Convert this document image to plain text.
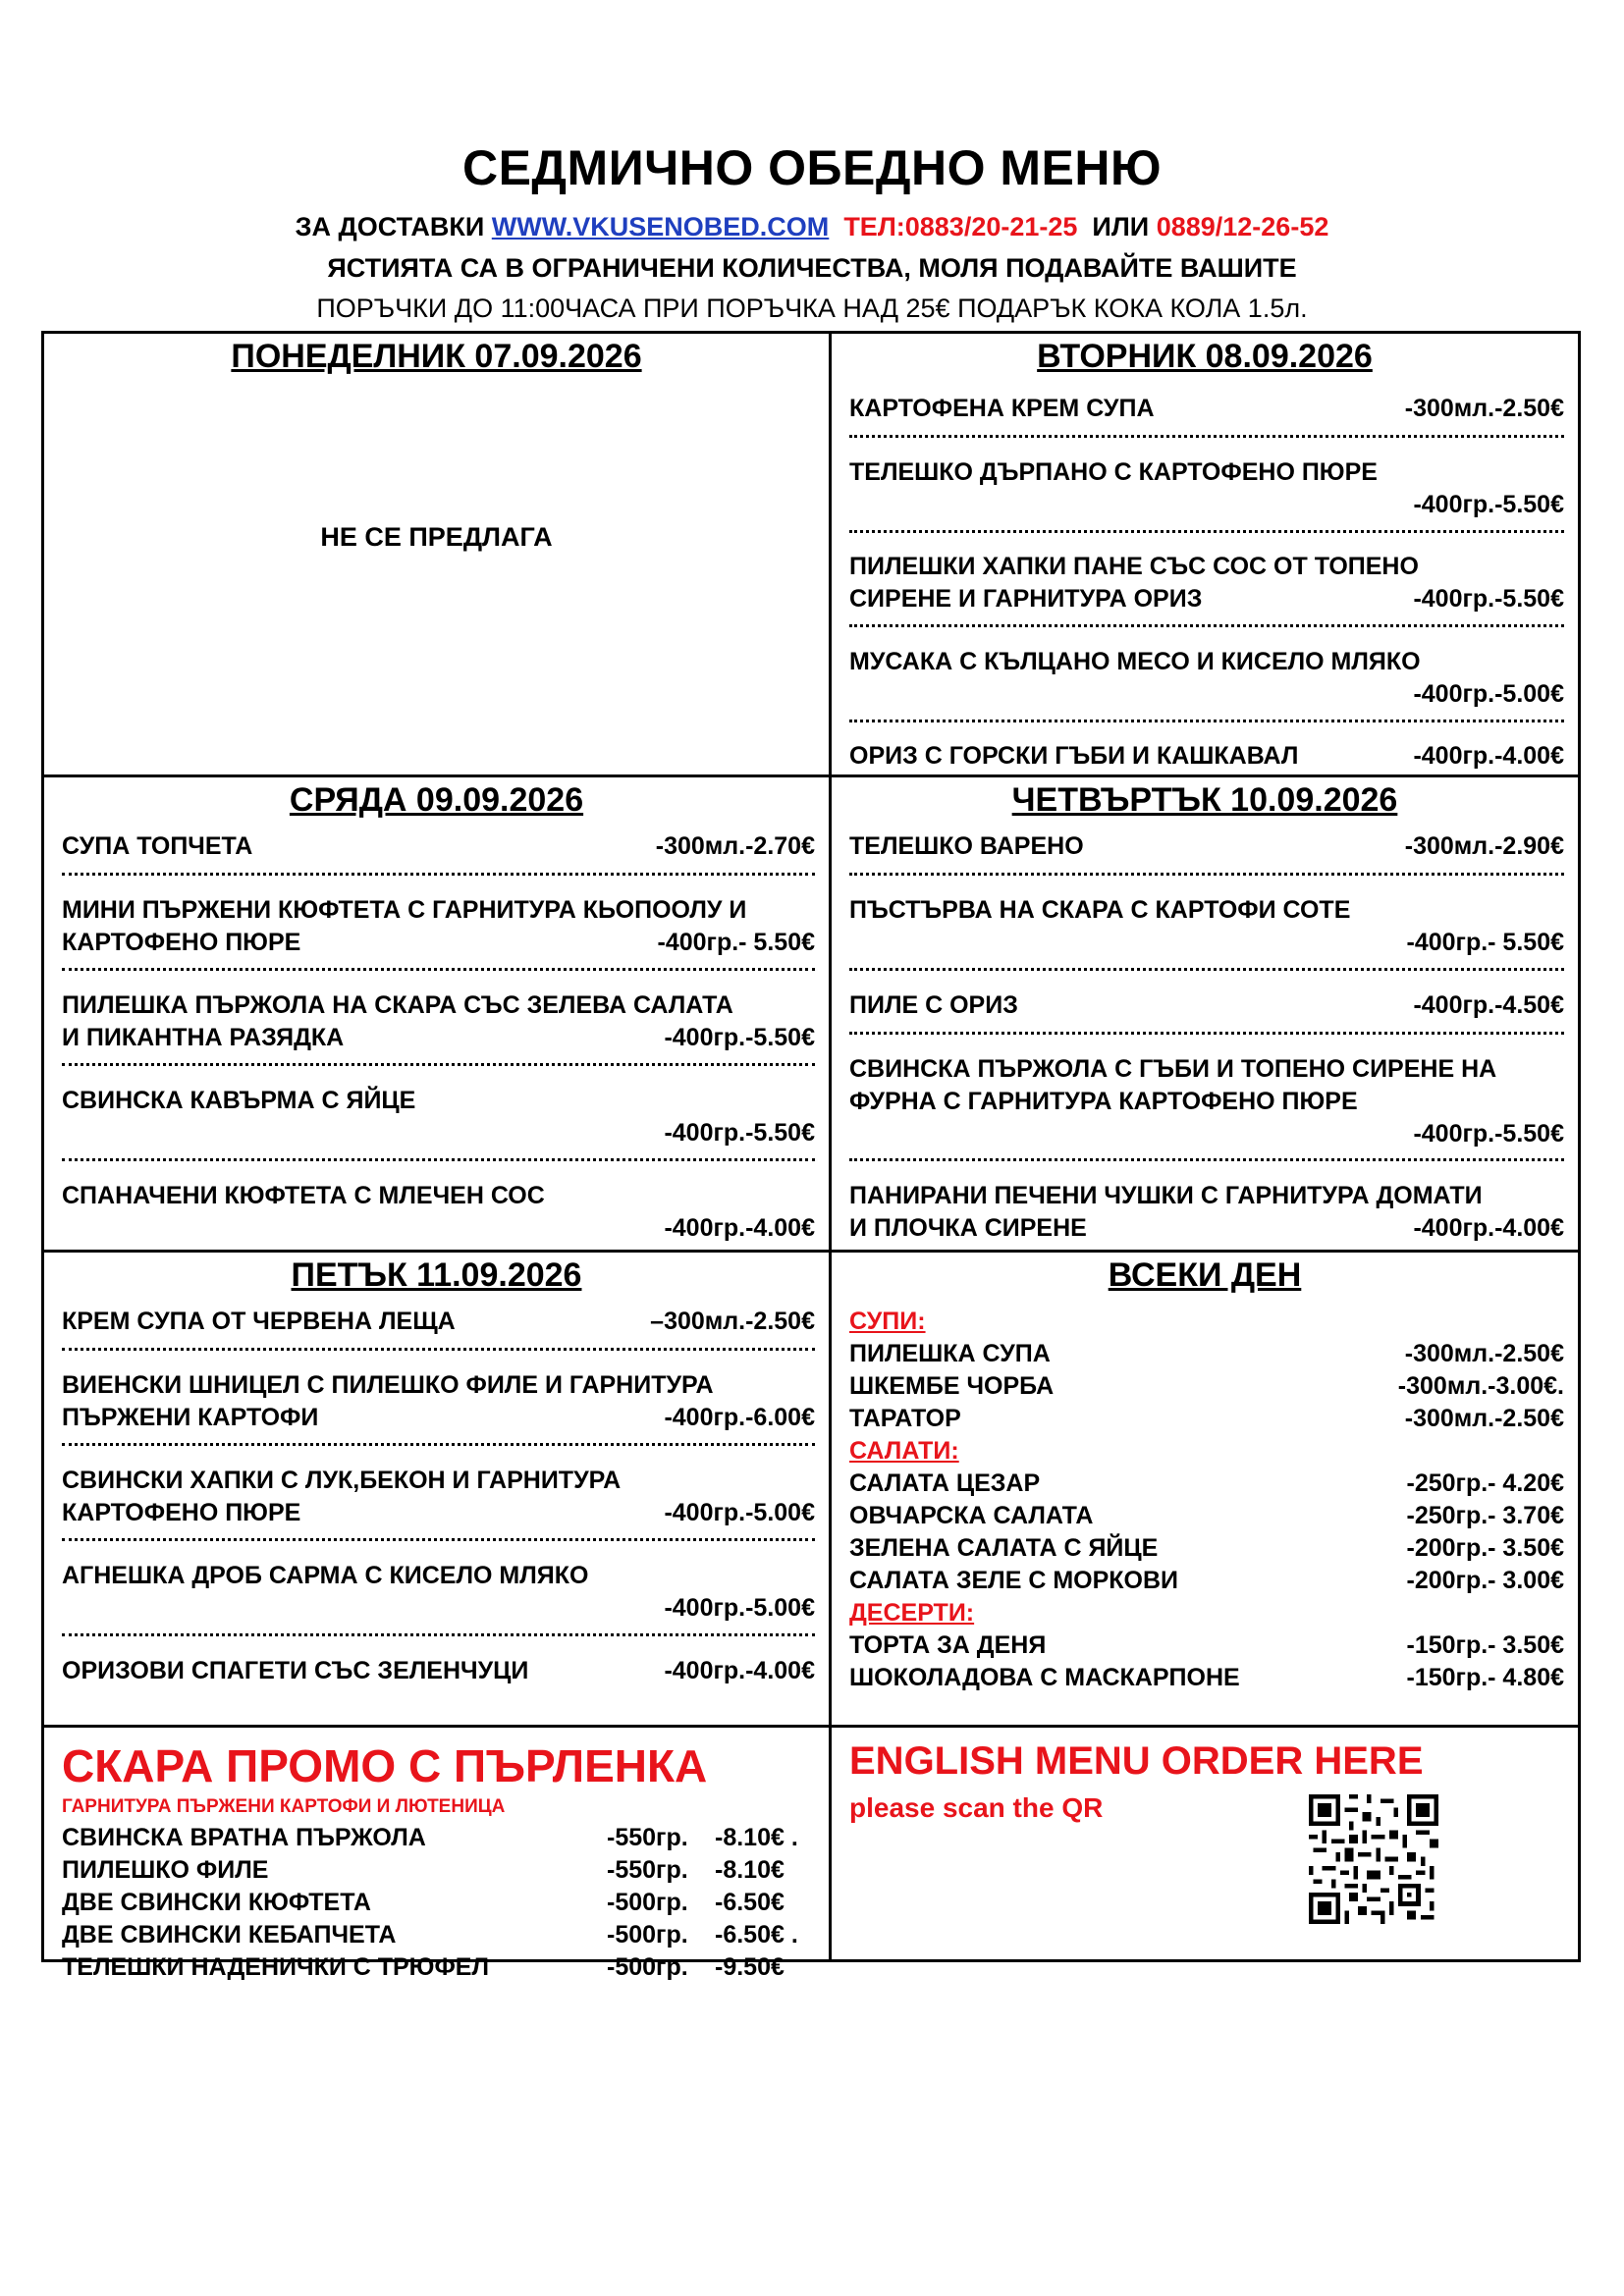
СЕДМИЧНО ОБЕДНО МЕНЮ
ЗА ДОСТАВКИ WWW.VKUSENOBED.COM ТЕЛ:0883/20-21-25 ИЛИ 0889/12-26-52
ЯСТИЯТА СА В ОГРАНИЧЕНИ КОЛИЧЕСТВА, МОЛЯ ПОДАВАЙТЕ ВАШИТЕ
ПОРЪЧКИ ДО 11:00ЧАСА ПРИ ПОРЪЧКА НАД 25€ ПОДАРЪК КОКА КОЛА 1.5л.
ПОНЕДЕЛНИК 07.09.2026
НЕ СЕ ПРЕДЛАГА
ВТОРНИК 08.09.2026
КАРТОФЕНА КРЕМ СУПА	-300мл.-2.50€
ТЕЛЕШКО ДЪРПАНО С КАРТОФЕНО ПЮРЕ
-400гр.-5.50€
ПИЛЕШКИ ХАПКИ ПАНЕ СЪС СОС ОТ ТОПЕНО
СИРЕНЕ И ГАРНИТУРА ОРИЗ	-400гр.-5.50€
МУСАКА С КЪЛЦАНО МЕСО И КИСЕЛО МЛЯКО
-400гр.-5.00€
ОРИЗ С ГОРСКИ ГЪБИ И КАШКАВАЛ	-400гр.-4.00€
СРЯДА 09.09.2026
СУПА ТОПЧЕТА	-300мл.-2.70€
МИНИ ПЪРЖЕНИ КЮФТЕТА С ГАРНИТУРА КЬОПООЛУ И
КАРТОФЕНО ПЮРЕ	-400гр.- 5.50€
ПИЛЕШКА ПЪРЖОЛА НА СКАРА СЪС ЗЕЛЕВА САЛАТА
И ПИКАНТНА РАЗЯДКА	-400гр.-5.50€
СВИНСКА КАВЪРМА С ЯЙЦЕ
-400гр.-5.50€
СПАНАЧЕНИ КЮФТЕТА С МЛЕЧЕН СОС
-400гр.-4.00€
ЧЕТВЪРТЪК 10.09.2026
ТЕЛЕШКО ВАРЕНО	-300мл.-2.90€
ПЪСТЪРВА НА СКАРА С КАРТОФИ СОТЕ
-400гр.- 5.50€
ПИЛЕ С ОРИЗ	-400гр.-4.50€
СВИНСКА ПЪРЖОЛА С ГЪБИ И ТОПЕНО СИРЕНЕ НА
ФУРНА С ГАРНИТУРА КАРТОФЕНО ПЮРЕ
-400гр.-5.50€
ПАНИРАНИ ПЕЧЕНИ ЧУШКИ С ГАРНИТУРА ДОМАТИ
И ПЛОЧКА СИРЕНЕ	-400гр.-4.00€
ПЕТЪК 11.09.2026
КРЕМ СУПА ОТ ЧЕРВЕНА ЛЕЩА	–300мл.-2.50€
ВИЕНСКИ ШНИЦЕЛ С ПИЛЕШКО ФИЛЕ И ГАРНИТУРА
ПЪРЖЕНИ КАРТОФИ	-400гр.-6.00€
СВИНСКИ ХАПКИ С ЛУК,БЕКОН И ГАРНИТУРА
КАРТОФЕНО ПЮРЕ	-400гр.-5.00€
АГНЕШКА ДРОБ САРМА С КИСЕЛО МЛЯКО
-400гр.-5.00€
ОРИЗОВИ СПАГЕТИ СЪС ЗЕЛЕНЧУЦИ	-400гр.-4.00€
ВСЕКИ ДЕН
СУПИ:
ПИЛЕШКА СУПА	-300мл.-2.50€
ШКЕМБЕ ЧОРБА	-300мл.-3.00€.
ТАРАТОР	-300мл.-2.50€
САЛАТИ:
САЛАТА ЦЕЗАР	-250гр.- 4.20€
ОВЧАРСКА САЛАТА	-250гр.- 3.70€
ЗЕЛЕНА САЛАТА С ЯЙЦЕ	-200гр.- 3.50€
САЛАТА ЗЕЛЕ С МОРКОВИ	-200гр.- 3.00€
ДЕСЕРТИ:
ТОРТА ЗА ДЕНЯ	-150гр.- 3.50€
ШОКОЛАДОВА С МАСКАРПОНЕ	-150гр.- 4.80€
СКАРА ПРОМО С ПЪРЛЕНКА
ГАРНИТУРА ПЪРЖЕНИ КАРТОФИ И ЛЮТЕНИЦА
СВИНСКА ВРАТНА ПЪРЖОЛА	-550гр.	-8.10€ .
ПИЛЕШКО ФИЛЕ	-550гр.	-8.10€
ДВЕ СВИНСКИ КЮФТЕТА	-500гр.	-6.50€
ДВЕ СВИНСКИ КЕБАПЧЕТА	-500гр.	-6.50€ .
ТЕЛЕШКИ НАДЕНИЧКИ С ТРЮФЕЛ	-500гр.	-9.50€
ENGLISH MENU ORDER HERE
please scan the QR
